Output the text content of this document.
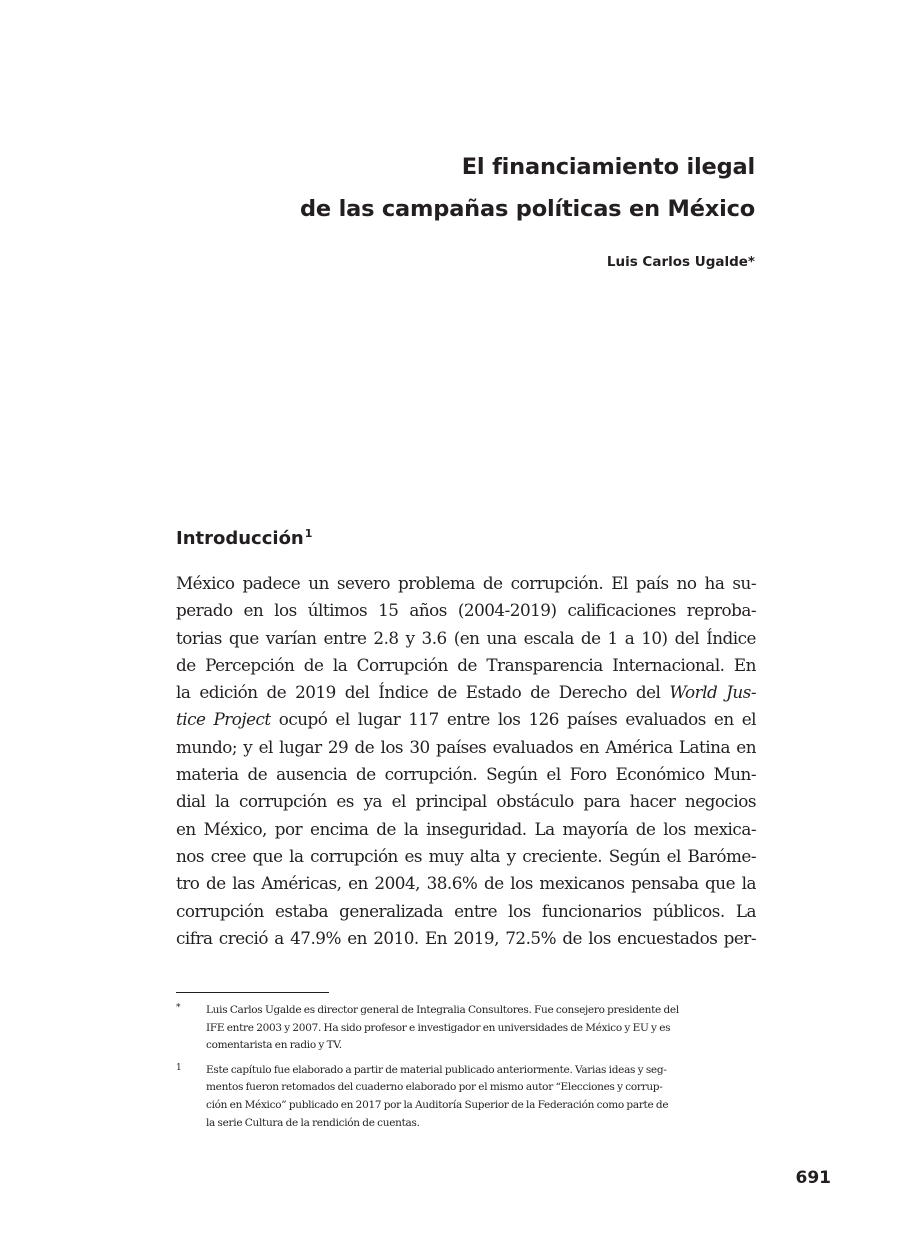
El financiamiento ilegal
de las campañas políticas en México
Luis Carlos Ugalde*
Introducción$^1$
México padece un severo problema de corrupción. El país no ha su-
perado en los últimos 15 años (2004-2019) calificaciones reproba-
torias que varían entre 2.8 y 3.6 (en una escala de 1 a 10) del Índice
de Percepción de la Corrupción de Transparencia Internacional. En
la edición de 2019 del Índice de Estado de Derecho del World Jus-
tice Project ocupó el lugar 117 entre los 126 países evaluados en el
mundo; y el lugar 29 de los 30 países evaluados en América Latina en
materia de ausencia de corrupción. Según el Foro Económico Mun-
dial la corrupción es ya el principal obstáculo para hacer negocios
en México, por encima de la inseguridad. La mayoría de los mexica-
nos cree que la corrupción es muy alta y creciente. Según el Baróme-
tro de las Américas, en 2004, 38.6% de los mexicanos pensaba que la
corrupción estaba generalizada entre los funcionarios públicos. La
cifra creció a 47.9% en 2010. En 2019, 72.5% de los encuestados per-
* Luis Carlos Ugalde es director general de Integralia Consultores. Fue consejero presidente del
IFE entre 2003 y 2007. Ha sido profesor e investigador en universidades de México y EU y es
comentarista en radio y TV.
1 Este capítulo fue elaborado a partir de material publicado anteriormente. Varias ideas y seg-
mentos fueron retomados del cuaderno elaborado por el mismo autor “Elecciones y corrup-
ción en México” publicado en 2017 por la Auditoría Superior de la Federación como parte de
la serie Cultura de la rendición de cuentas.
691
